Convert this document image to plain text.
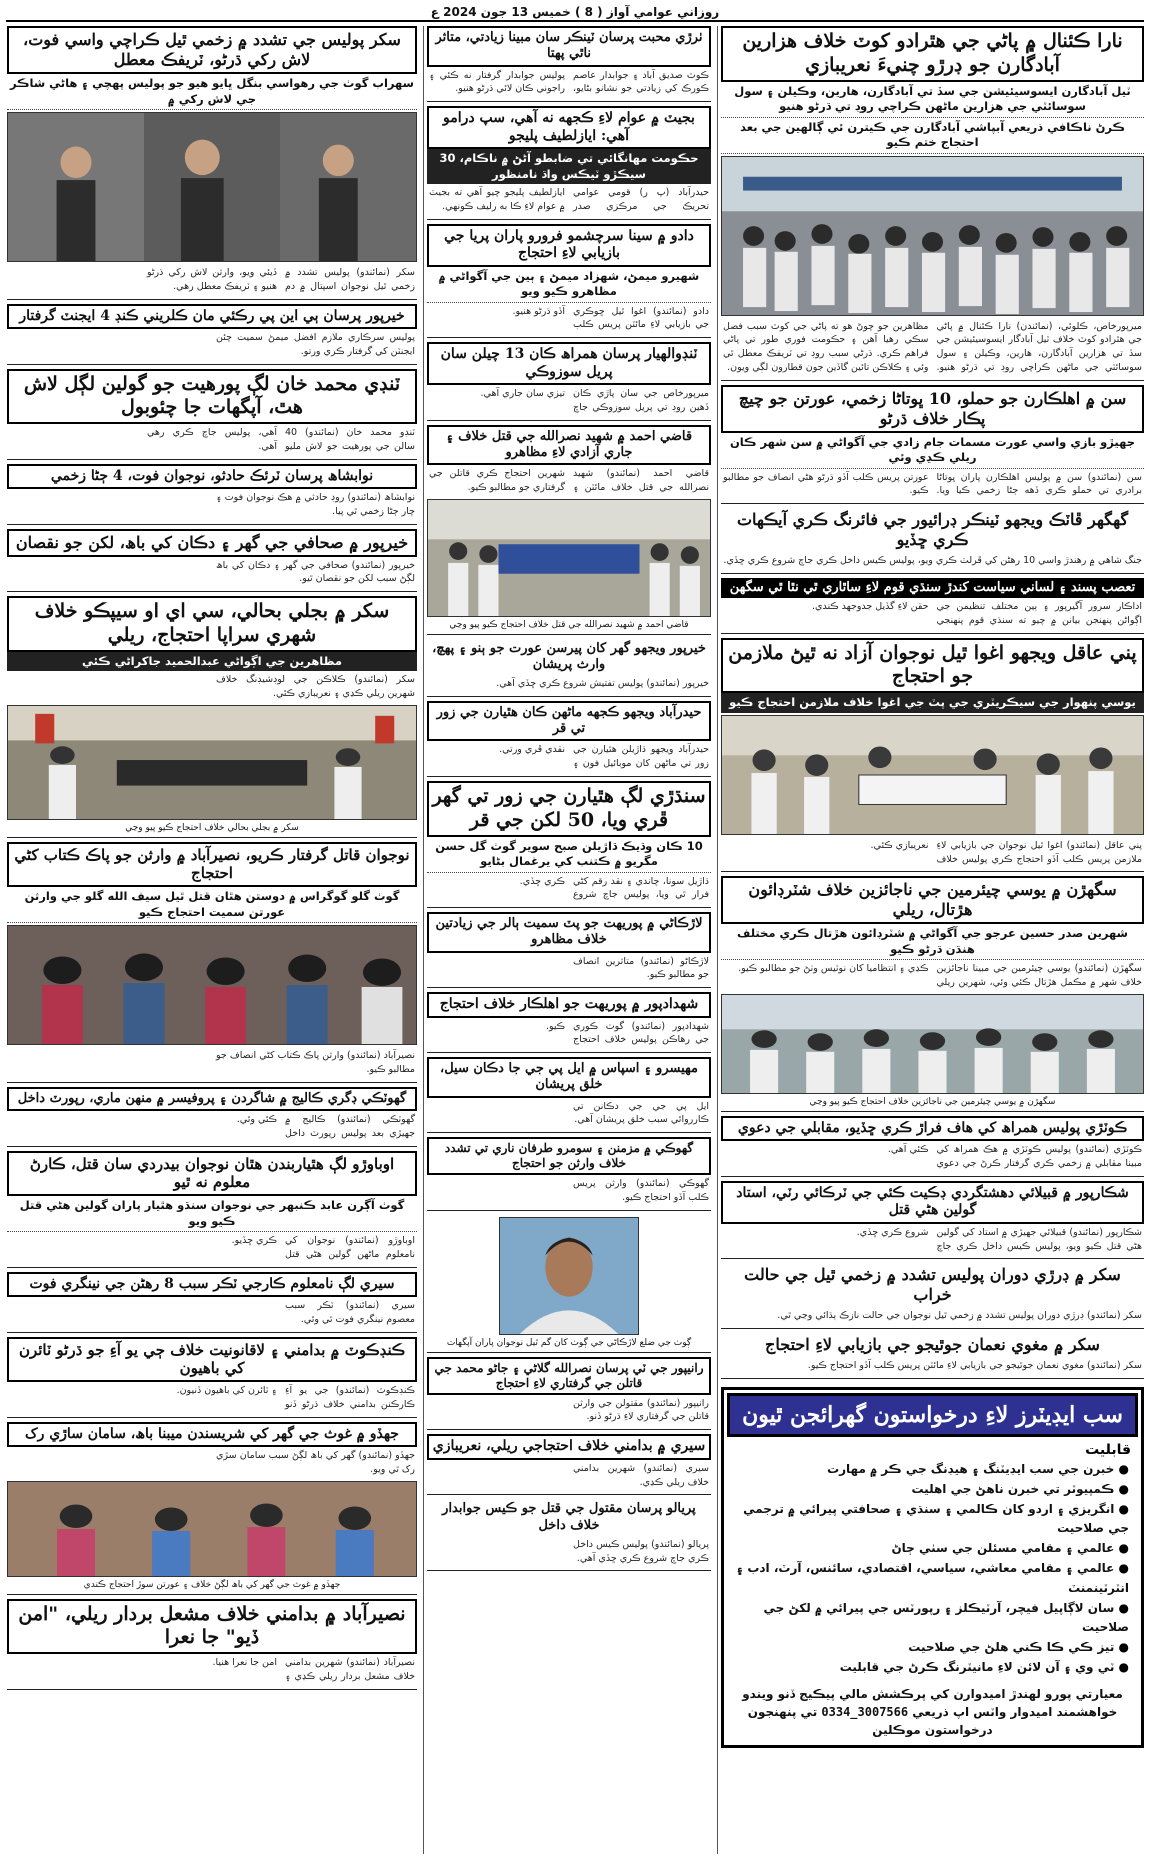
روزاني عوامي آواز ( 8 ) خميس 13 جون 2024 ع
نارا ڪئنال ۾ پاڻي جي هٿرادو کوٽ خلاف هزارين آبادگارن جو ڊرڙو چنيءَ نعريبازي
ٽيل آبادگارن ايسوسيئيشن جي سڏ تي آبادگارن، هارين، وڪيلن ۽ سول سوسائٽي جي هزارين ماڻهن ڪراچي روڊ تي ڌرڻو هنيو
ڪرڻ ناڪافي ذريعي آبپاشي آبادگارن جي ڪيترن ئي ڳالهين جي بعد احتجاج ختم ڪيو
ميرپورخاص، ڪلوئي، (نمائندن) نارا ڪئنال ۾ پاڻي جي هٿرادو کوٽ خلاف ٽيل آبادگار ايسوسيئيشن جي سڏ تي هزارين آبادگارن، هارين، وڪيلن ۽ سول سوسائٽي جي ماڻهن ڪراچي روڊ تي ڌرڻو هنيو. مظاهرين جو چوڻ هو ته پاڻي جي کوٽ سبب فصل سڪي رهيا آهن ۽ حڪومت فوري طور تي پاڻي فراهم ڪري. ڌرڻي سبب روڊ تي ٽريفڪ معطل ٿي وئي ۽ ڪلاڪن تائين گاڏين جون قطارون لڳي ويون.
سن ۾ اهلڪارن جو حملو، 10 ڀوتاڻا زخمي، عورتن جو چيچ پڪار خلاف ڌرڻو
جهيڙو بازي واسي عورت مسمات جام زادي جي آگواڻي ۾ سن شهر ڪان ريلي ڪڍي وئي
سن (نمائندو) سن ۾ پوليس اهلڪارن پاران ڀوتاڻا برادري تي حملو ڪري ڏهه ڄڻا زخمي ڪيا ويا. عورتن پريس ڪلب آڏو ڌرڻو هڻي انصاف جو مطالبو ڪيو.
گهگهر ڦاٽڪ ويجهو ٽينڪر ڊرائيور جي فائرنگ ڪري آيڪهات ڪري ڇڏيو
جنگ شاهي ۾ رهندڙ واسي 10 رهڻن کي ڦرلٽ ڪري ويو، پوليس ڪيس داخل ڪري جاچ شروع ڪري ڇڏي.
تعصب پسند ۽ لساني سياست کندڙ سنڌي قوم لاءِ ساٿاري ٿي نٿا ٿي سگهن
اداڪار سرور آگيرپور ۽ ٻين مختلف تنظيمن جي اڳواڻن پنهنجن بيانن ۾ چيو ته سنڌي قوم پنهنجي حقن لاءِ گڏيل جدوجهد ڪندي.
پني عاقل ويجهو اغوا ٿيل نوجوان آزاد نه ٿيڻ ملازمن جو احتجاج
يوسي پنهوار جي سيڪريٽري جي پٽ جي اغوا خلاف ملازمن احتجاج ڪيو
پني عاقل (نمائندو) اغوا ٿيل نوجوان جي بازيابي لاءِ ملازمن پريس ڪلب آڏو احتجاج ڪري پوليس خلاف نعريبازي ڪئي.
سگهڙن ۾ يوسي چيئرمين جي ناجائزين خلاف شٽرڊائون هڙتال، ريلي
شهرين صدر حسين عرجو جي آگواڻي ۾ شٽرڊائون هڙتال ڪري مختلف هنڌن ڌرڻو ڪيو
سگهڙن (نمائندو) يوسي چيئرمين جي مبينا ناجائزين خلاف شهر ۾ مڪمل هڙتال ڪئي وئي، شهرين ريلي ڪڍي ۽ انتظاميا کان نوٽيس وٺڻ جو مطالبو ڪيو.
سگهڙن ۾ يوسي چيئرمين جي ناجائزين خلاف احتجاج ڪيو پيو وڃي
ڪوٽڙي پوليس همراھ کي هاف فراڙ ڪري ڇڏيو، مقابلي جي دعوي
ڪوٽڙي (نمائندو) پوليس ڪوٽڙي ۾ هڪ همراھ کي مبينا مقابلي ۾ زخمي ڪري گرفتار ڪرڻ جي دعوي ڪئي آهي.
شڪارپور ۾ قبيلائي دهشتگردي ڊڪيت ڪئي جي ٽرڪائي رٽي، استاد گولين هڻي قتل
شڪارپور (نمائندو) قبيلائي جهيڙي ۾ استاد کي گولين هڻي قتل ڪيو ويو، پوليس ڪيس داخل ڪري جاچ شروع ڪري ڇڏي.
سکر ۾ ڊرڙي دوران پوليس تشدد ۾ زخمي ٿيل جي حالت خراب
سکر (نمائندو) ڊرڙي دوران پوليس تشدد ۾ زخمي ٿيل نوجوان جي حالت نازڪ ٻڌائي وڃي ٿي.
سکر ۾ مغوي نعمان جوٿيجو جي بازيابي لاءِ احتجاج
سکر (نمائندو) مغوي نعمان جوٿيجو جي بازيابي لاءِ مائٽن پريس ڪلب آڏو احتجاج ڪيو.
سب ايڊيٽرز لاءِ درخواستون گهرائجن ٿيون
قابليت
● خبرن جي سب ايڊيٽنگ ۽ هيڊنگ جي ڪر ۾ مهارت
● ڪمپيوٽر تي خبرن ناهڻ جي اهليت
● انگريزي ۽ اردو کان ڪالمي ۽ سنڌي ۽ صحافتي پيرائي ۾ ترجمي جي صلاحيت
● عالمي ۽ مقامي مسئلن جي سٺي ڄاڻ
● عالمي ۽ مقامي معاشي، سياسي، اقتصادي، سائنس، آرٽ، ادب ۽ انٽرٽينمنٽ
● سان لاڳاپيل فيچر، آرٽيڪلز ۽ رپورٽس جي پيرائي ۾ لکڻ جي صلاحيت
● تيز ڪي ڪا ڪني هلڻ جي صلاحيت
● ٽي وي ۽ آن لائن لاءِ مانيٽرنگ ڪرڻ جي قابليت
معيارتي پورو لهندڙ اميدوارن کي پرڪشش مالي پيڪيج ڏنو ويندو
خواهشمند اميدوار واٽس اپ ذريعي 0334_3007566 تي پنهنجون درخواستون موڪلين
ٺرڙي محبت پرسان ٽينڪر سان مبينا زيادتي، متاثر ناٿي پهتا
ڪوٽ صديق آباد ۽ جوابدار عاصم ڪورڪ کي زيادتي جو نشانو بڻايو، پوليس جوابدار گرفتار نه ڪئي ۽ راجوني ڪان لائي ڌرڻو هنيو.
بجيٽ ۾ عوام لاءِ ڪجهه نه آهي، سپ درامو آهي: ايازلطيف پليجو
حڪومت مهانگائي تي ضابطو آڻڻ ۾ ناڪام، 30 سيڪڙو ٽيڪس واڌ نامنظور
حيدرآباد (پ ر) قومي عوامي تحريڪ جي مرڪزي صدر ايازلطيف پليجو چيو آهي ته بجيٽ ۾ عوام لاءِ ڪا به رليف ڪونهي.
دادو ۾ سينا سرچشمو فرورو پاران پريا جي بازيابي لاءِ احتجاج
شهيرو ميمڻ، شهزاد ميمڻ ۽ ٻين جي آگواڻي ۾ مظاهرو ڪيو ويو
دادو (نمائندو) اغوا ٿيل ڇوڪري جي بازيابي لاءِ مائٽن پريس ڪلب آڏو ڌرڻو هنيو.
ٽنڊوالهيار پرسان همراھ ڪان 13 چيلن سان پريل سوزوڪي
ميرپورخاص جي سان پاڙي ڪان ڏهين روڊ تي پريل سوزوڪي جاچ تيزي سان جاري آهي.
قاضي احمد ۾ شهيد نصرالله جي قتل خلاف ۽ جاري آزادي لاءِ مظاهرو
قاضي احمد (نمائندو) شهيد نصرالله جي قتل خلاف مائٽن ۽ شهرين احتجاج ڪري قاتلن جي گرفتاري جو مطالبو ڪيو.
قاضي احمد ۾ شهيد نصرالله جي قتل خلاف احتجاج ڪيو پيو وڃي
خيرپور ويجهو گهر کان پيرسن عورت جو ٻنو ۽ پهچ، وارث پريشان
خيرپور (نمائندو) پوليس تفتيش شروع ڪري ڇڏي آهي.
حيدرآباد ويجهو ڪجهه ماڻهن ڪان هٿيارن جي زور تي قر
حيدرآباد ويجهو ڌاڙيلن هٿيارن جي زور تي ماڻهن کان موبائيل فون ۽ نقدي ڦري ورتي.
سنڌڙي لڳ هٿيارن جي زور تي گهر ڦري ويا، 50 لکن جي قر
10 ڪان وڌيڪ ڌاڙيلن صبح سوير گوٺ گل حسن مگريو ۾ ڪتنب کي يرغمال بڻايو
ڌاڙيل سونا، چاندي ۽ نقد رقم کڻي فرار ٿي ويا، پوليس جاچ شروع ڪري ڇڏي.
لاڙڪاڻي ۾ پوريهت جو پٽ سميت ٻالر جي زيادتين خلاف مظاهرو
لاڙڪاڻو (نمائندو) متاثرين انصاف جو مطالبو ڪيو.
شهدادپور ۾ پوريهت جو اهلڪار خلاف احتجاج
شهدادپور (نمائندو) گوٺ ڪوري جي رهاڪن پوليس خلاف احتجاج ڪيو.
مهيسرو ۽ اسپاس ۾ ايل پي جي جا دڪان سيل، خلق پريشان
ايل پي جي جي دڪانن تي ڪارروائي سبب خلق پريشان آهي.
گهوڪي ۾ مزمنن ۽ سومرو طرفان ناري تي تشدد خلاف وارثن جو احتجاج
گهوڪي (نمائندو) وارثن پريس ڪلب آڏو احتجاج ڪيو.
ڳوٺ جي ضلع لاڙڪاڻي جي ڳوٺ کان گم ٿيل نوجوان پاران آپگهات
رانيپور جي ٽي پرسان نصرالله گلاڻي ۽ جاڻو محمد جي قاتلن جي گرفتاري لاءِ احتجاج
رانيپور (نمائندو) مقتولن جي وارثن قاتلن جي گرفتاري لاءِ ڌرڻو ڏنو.
سيري ۾ بدامني خلاف احتجاجي ريلي، نعريبازي
سيري (نمائندو) شهرين بدامني خلاف ريلي ڪڍي.
پريالو پرسان مقتول جي قتل جو ڪيس جوابدار خلاف داخل
پريالو (نمائندو) پوليس ڪيس داخل ڪري جاچ شروع ڪري ڇڏي آهي.
سکر پوليس جي تشدد ۾ زخمي ٿيل ڪراچي واسي فوت، لاش رکي ڌرڻو، ٽريفڪ معطل
سهراب گوٺ جي رهواسي بنگل ڀايو هيو جو پوليس پهچي ۽ هاڻي شاڪر جي لاش رکي ۾
سکر (نمائندو) پوليس تشدد ۾ زخمي ٿيل نوجوان اسپتال ۾ دم ڏيئي ويو، وارثن لاش رکي ڌرڻو هنيو ۽ ٽريفڪ معطل رهي.
خيرپور پرسان ٻي اين پي رڪئي مان ڪلريني ڪنڊ 4 ايجنٽ گرفتار
پوليس سرڪاري ملازم افضل ميمڻ سميت چئن ايجنٽن کي گرفتار ڪري ورتو.
ٽنڊي محمد خان لڳ پورهيت جو گولين لڳل لاش هٿ، آپگهات جا چئوبول
ٽنڊو محمد خان (نمائندو) 40 سالن جي پورهيت جو لاش مليو آهي، پوليس جاچ ڪري رهي آهي.
نوابشاھ پرسان ٽرئڪ حادثو، نوجوان فوت، 4 ڄڻا زخمي
نوابشاھ (نمائندو) روڊ حادثي ۾ هڪ نوجوان فوت ۽ چار ڄڻا زخمي ٿي پيا.
خيرپور ۾ صحافي جي گهر ۽ دڪان کي باھ، لکن جو نقصان
خيرپور (نمائندو) صحافي جي گهر ۽ دڪان کي باھ لڳڻ سبب لکن جو نقصان ٿيو.
سکر ۾ بجلي بحالي، سي اي او سيپڪو خلاف شهري سراپا احتجاج، ريلي
مظاهرين جي اڳواڻي عبدالحميد جاکراڻي ڪئي
سکر (نمائندو) ڪلاڪن جي لوڊشيڊنگ خلاف شهرين ريلي ڪڍي ۽ نعريبازي ڪئي.
سکر ۾ بجلي بحالي خلاف احتجاج ڪيو پيو وڃي
نوجوان قاتل گرفتار ڪريو، نصيرآباد ۾ وارثن جو پاڪ ڪتاب کڻي احتجاج
گوٺ گلو گوگراس ۾ دوستن هٿان قتل ٿيل سيف الله گلو جي وارثن عورتن سميت احتجاج ڪيو
نصيرآباد (نمائندو) وارثن پاڪ ڪتاب کڻي انصاف جو مطالبو ڪيو.
گهوٽڪي ڊگري ڪاليج ۾ شاگردن ۽ پروفيسر ۾ منهن ماري، رپورٽ داخل
گهوٽڪي (نمائندو) ڪاليج ۾ جهيڙي بعد پوليس رپورٽ داخل ڪئي وئي.
اوباوڙو لڳ هٿياربندن هٿان نوجوان بيدردي سان قتل، ڪارڻ معلوم نه ٿيو
گوٺ آڳرن عابد ڪنبهر جي نوجوان سنڌو هٿيار پاران گولين هڻي قتل ڪيو ويو
اوباوڙو (نمائندو) نوجوان کي نامعلوم ماڻهن گولين هڻي قتل ڪري ڇڏيو.
سيري لڳ نامعلوم ڪارجي ٽڪر سبب 8 رهڻن جي نينگري فوت
سيري (نمائندو) ٽڪر سبب معصوم نينگري فوت ٿي وئي.
ڪنڊڪوٽ ۾ بدامني ۽ لاقانونيت خلاف ڄي يو آءِ جو ڌرڻو ٽائرن کي باهيون
ڪنڊڪوٽ (نمائندو) جي يو آءِ ڪارڪنن بدامني خلاف ڌرڻو ڏنو ۽ ٽائرن کي باهيون ڏنيون.
جهڏو ۾ غوث جي گهر کي شريسندن ميبنا باھ، سامان ساڙي رک
جهڏو (نمائندو) گهر کي باھ لڳڻ سبب سامان سڙي رک ٿي ويو.
جهڏو ۾ غوث جي گهر کي باھ لڳڻ خلاف ۽ عورتن سوڙ احتجاج ڪندي
نصيرآباد ۾ بدامني خلاف مشعل بردار ريلي، "امن ڏيو" جا نعرا
نصيرآباد (نمائندو) شهرين بدامني خلاف مشعل بردار ريلي ڪڍي ۽ امن جا نعرا هنيا.
